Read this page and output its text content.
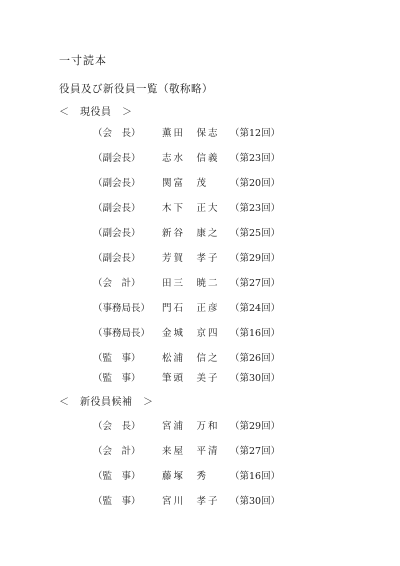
一寸読本
役員及び新役員一覧（敬称略）
＜　現役員　＞
（会　長）	薫田　保志 （第12回）
（副会長）	志水　信義 （第23回）
（副会長）	関富　茂	（第20回）
（副会長）	木下　正大 （第23回）
（副会長）	新谷　康之 （第25回）
（副会長）	芳賀　孝子 （第29回）
（会　計）	田三　暁二 （第27回）
（事務局長）	門石　正彦 （第24回）
（事務局長）	金城　京四 （第16回）
（監　事）	松浦　信之 （第26回）
（監　事）	筆頭　美子 （第30回）
＜　新役員候補　＞
（会　長）	宮浦　万和 （第29回）
（会　計）	来屋　平清 （第27回）
（監　事）	藤塚　秀	（第16回）
（監　事）	宮川　孝子 （第30回）
